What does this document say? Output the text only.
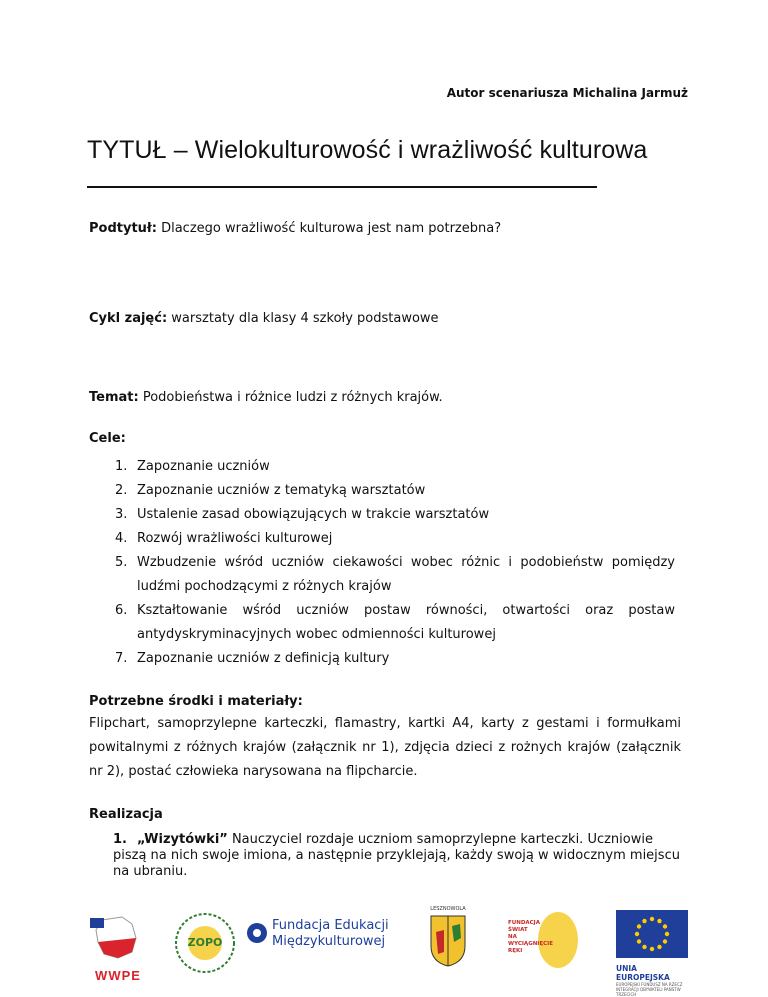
Autor scenariusza Michalina Jarmuż
TYTUŁ – Wielokulturowość i wrażliwość kulturowa
Podtytuł: Dlaczego wrażliwość kulturowa jest nam potrzebna?
Cykl zajęć: warsztaty dla klasy 4 szkoły podstawowe
Temat: Podobieństwa i różnice ludzi z różnych krajów.
Cele:
1. Zapoznanie uczniów
2. Zapoznanie uczniów z tematyką warsztatów
3. Ustalenie zasad obowiązujących w trakcie warsztatów
4. Rozwój wrażliwości kulturowej
5. Wzbudzenie wśród uczniów ciekawości wobec różnic i podobieństw pomiędzy ludźmi pochodzącymi z różnych krajów
6. Kształtowanie wśród uczniów postaw równości, otwartości oraz postaw antydyskryminacyjnych wobec odmienności kulturowej
7. Zapoznanie uczniów z definicją kultury
Potrzebne środki i materiały:
Flipchart, samoprzylepne karteczki, flamastry, kartki A4, karty z gestami i formułkami powitalnymi z różnych krajów (załącznik nr 1), zdjęcia dzieci z rożnych krajów (załącznik nr 2), postać człowieka narysowana na flipcharcie.
Realizacja
1. „Wizytówki” Nauczyciel rozdaje uczniom samoprzylepne karteczki. Uczniowie piszą na nich swoje imiona, a następnie przyklejają, każdy swoją w widocznym miejscu na ubraniu.
WWPE
ZOPO
Fundacja Edukacji
Międzykulturowej
LESZNOWOLA
FUNDACJA
ŚWIAT
NA
WYCIĄGNIĘCIE
RĘKI
UNIA EUROPEJSKA
EUROPEJSKI FUNDUSZ NA RZECZ
INTEGRACJI OBYWATELI PAŃSTW TRZECICH
